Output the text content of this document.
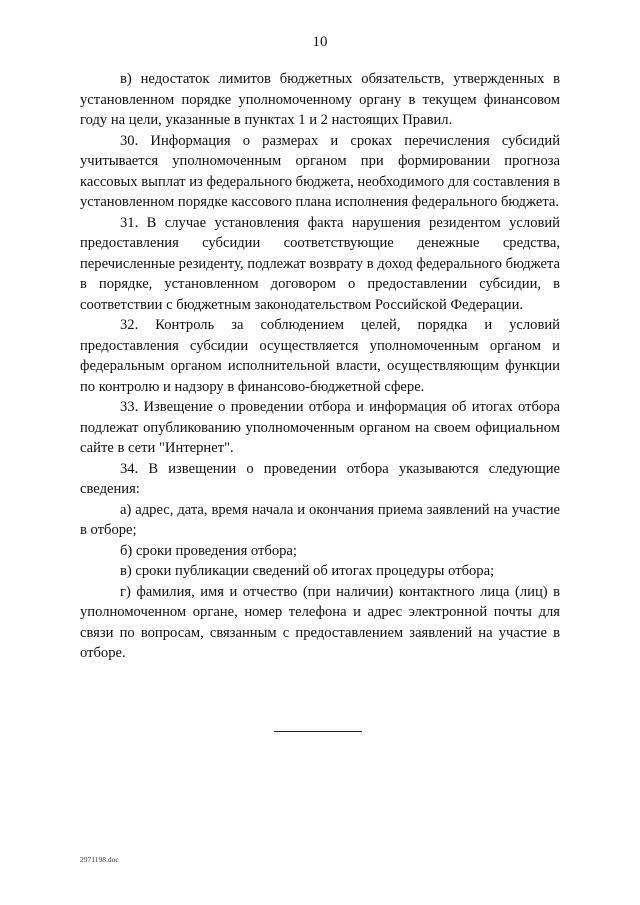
10

в) недостаток лимитов бюджетных обязательств, утвержденных в установленном порядке уполномоченному органу в текущем финансовом году на цели, указанные в пунктах 1 и 2 настоящих Правил.

30. Информация о размерах и сроках перечисления субсидий учитывается уполномоченным органом при формировании прогноза кассовых выплат из федерального бюджета, необходимого для составления в установленном порядке кассового плана исполнения федерального бюджета.

31. В случае установления факта нарушения резидентом условий предоставления субсидии соответствующие денежные средства, перечисленные резиденту, подлежат возврату в доход федерального бюджета в порядке, установленном договором о предоставлении субсидии, в соответствии с бюджетным законодательством Российской Федерации.

32. Контроль за соблюдением целей, порядка и условий предоставления субсидии осуществляется уполномоченным органом и федеральным органом исполнительной власти, осуществляющим функции по контролю и надзору в финансово-бюджетной сфере.

33. Извещение о проведении отбора и информация об итогах отбора подлежат опубликованию уполномоченным органом на своем официальном сайте в сети "Интернет".

34. В извещении о проведении отбора указываются следующие сведения:

а) адрес, дата, время начала и окончания приема заявлений на участие в отборе;

б) сроки проведения отбора;

в) сроки публикации сведений об итогах процедуры отбора;

г) фамилия, имя и отчество (при наличии) контактного лица (лиц) в уполномоченном органе, номер телефона и адрес электронной почты для связи по вопросам, связанным с предоставлением заявлений на участие в отборе.

2971198.doc
